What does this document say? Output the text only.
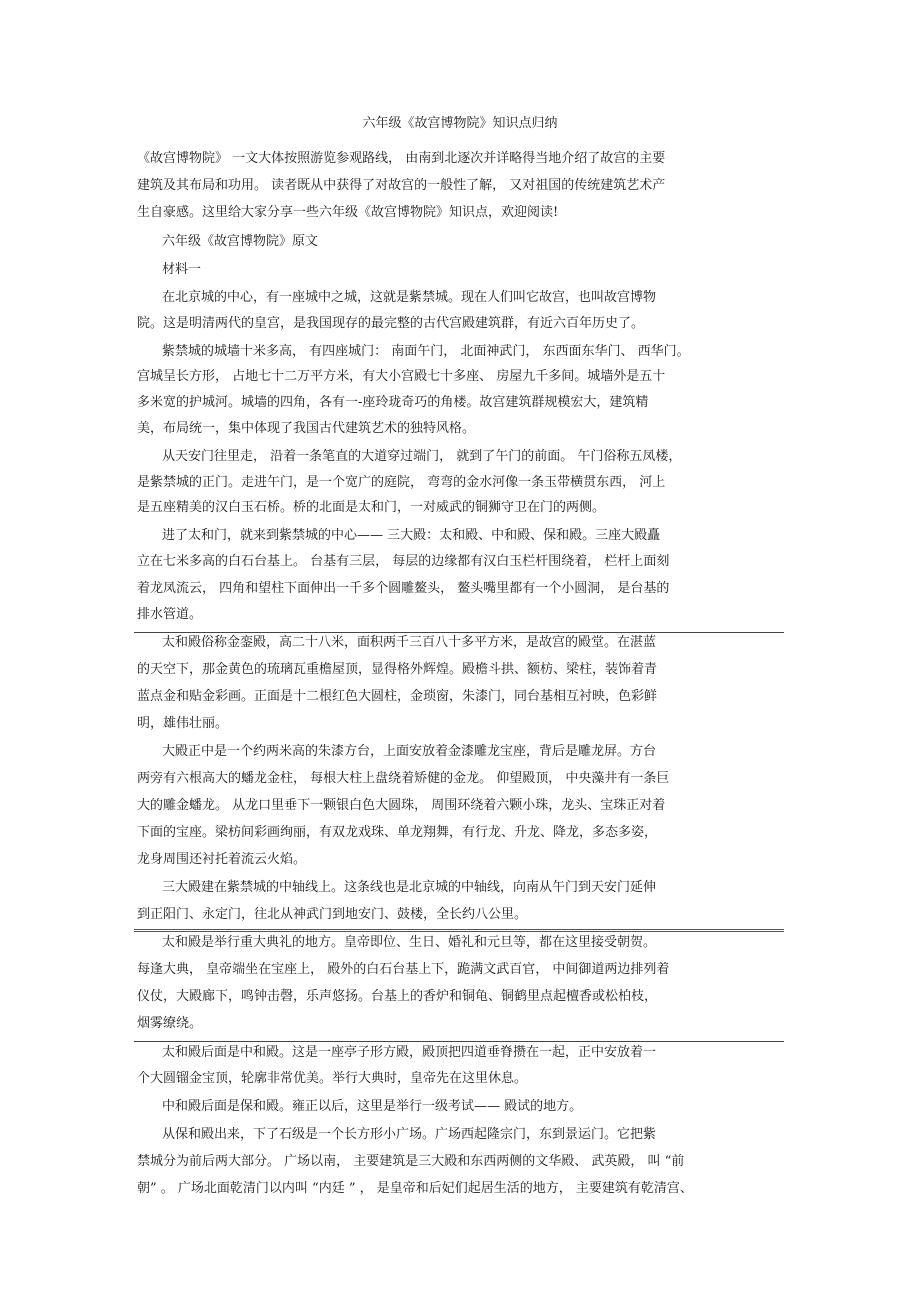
六年级《故宫博物院》知识点归纳
《故宫博物院》 一文大体按照游览参观路线， 由南到北逐次并详略得当地介绍了故宫的主要
建筑及其布局和功用。 读者既从中获得了对故宫的一般性了解， 又对祖国的传统建筑艺术产
生自豪感。这里给大家分享一些六年级《故宫博物院》知识点，欢迎阅读!
六年级《故宫博物院》原文
材料一
在北京城的中心，有一座城中之城，这就是紫禁城。现在人们叫它故宫，也叫故宫博物
院。这是明清两代的皇宫，是我国现存的最完整的古代宫殿建筑群，有近六百年历史了。
紫禁城的城墙十米多高， 有四座城门： 南面午门， 北面神武门， 东西面东华门、 西华门。
宫城呈长方形， 占地七十二万平方米，有大小宫殿七十多座、 房屋九千多间。城墙外是五十
多米宽的护城河。城墙的四角，各有一-座玲珑奇巧的角楼。故宫建筑群规模宏大，建筑精
美，布局统一，集中体现了我国古代建筑艺术的独特风格。
从天安门往里走， 沿着一条笔直的大道穿过端门， 就到了午门的前面。 午门俗称五凤楼，
是紫禁城的正门。走进午门，是一个宽广的庭院， 弯弯的金水河像一条玉带横贯东西， 河上
是五座精美的汉白玉石桥。桥的北面是太和门，一对威武的铜狮守卫在门的两侧。
进了太和门，就来到紫禁城的中心—— 三大殿：太和殿、中和殿、保和殿。三座大殿矗
立在七米多高的白石台基上。 台基有三层， 每层的边缘都有汉白玉栏杆围绕着， 栏杆上面刻
着龙凤流云， 四角和望柱下面伸出一千多个圆雕鳌头， 鳌头嘴里都有一个小圆洞， 是台基的
排水管道。
太和殿俗称金銮殿，高二十八米，面积两千三百八十多平方米，是故宫的殿堂。在湛蓝
的天空下，那金黄色的琉璃瓦重檐屋顶，显得格外辉煌。殿檐斗拱、额枋、梁柱，装饰着青
蓝点金和贴金彩画。正面是十二根红色大圆柱，金琐窗，朱漆门，同台基相互衬映，色彩鲜
明，雄伟壮丽。
大殿正中是一个约两米高的朱漆方台，上面安放着金漆雕龙宝座，背后是雕龙屏。方台
两旁有六根高大的蟠龙金柱， 每根大柱上盘绕着矫健的金龙。 仰望殿顶， 中央藻井有一条巨
大的雕金蟠龙。 从龙口里垂下一颗银白色大圆珠， 周围环绕着六颗小珠，龙头、宝珠正对着
下面的宝座。梁枋间彩画绚丽，有双龙戏珠、单龙翔舞，有行龙、升龙、降龙，多态多姿，
龙身周围还衬托着流云火焰。
三大殿建在紫禁城的中轴线上。这条线也是北京城的中轴线，向南从午门到天安门延伸
到正阳门、永定门，往北从神武门到地安门、鼓楼，全长约八公里。
太和殿是举行重大典礼的地方。皇帝即位、生日、婚礼和元旦等，都在这里接受朝贺。
每逢大典， 皇帝端坐在宝座上， 殿外的白石台基上下，跪满文武百官， 中间御道两边排列着
仪仗，大殿廊下，鸣钟击磬，乐声悠扬。台基上的香炉和铜龟、铜鹤里点起檀香或松柏枝，
烟雾缭绕。
太和殿后面是中和殿。这是一座亭子形方殿，殿顶把四道垂脊攒在一起，正中安放着一
个大圆镏金宝顶，轮廓非常优美。举行大典时，皇帝先在这里休息。
中和殿后面是保和殿。雍正以后，这里是举行一级考试—— 殿试的地方。
从保和殿出来，下了石级是一个长方形小广场。广场西起隆宗门，东到景运门。它把紫
禁城分为前后两大部分。 广场以南， 主要建筑是三大殿和东西两侧的文华殿、 武英殿， 叫 “前
朝” 。 广场北面乾清门以内叫 “内廷 ” ， 是皇帝和后妃们起居生活的地方， 主要建筑有乾清宫、
